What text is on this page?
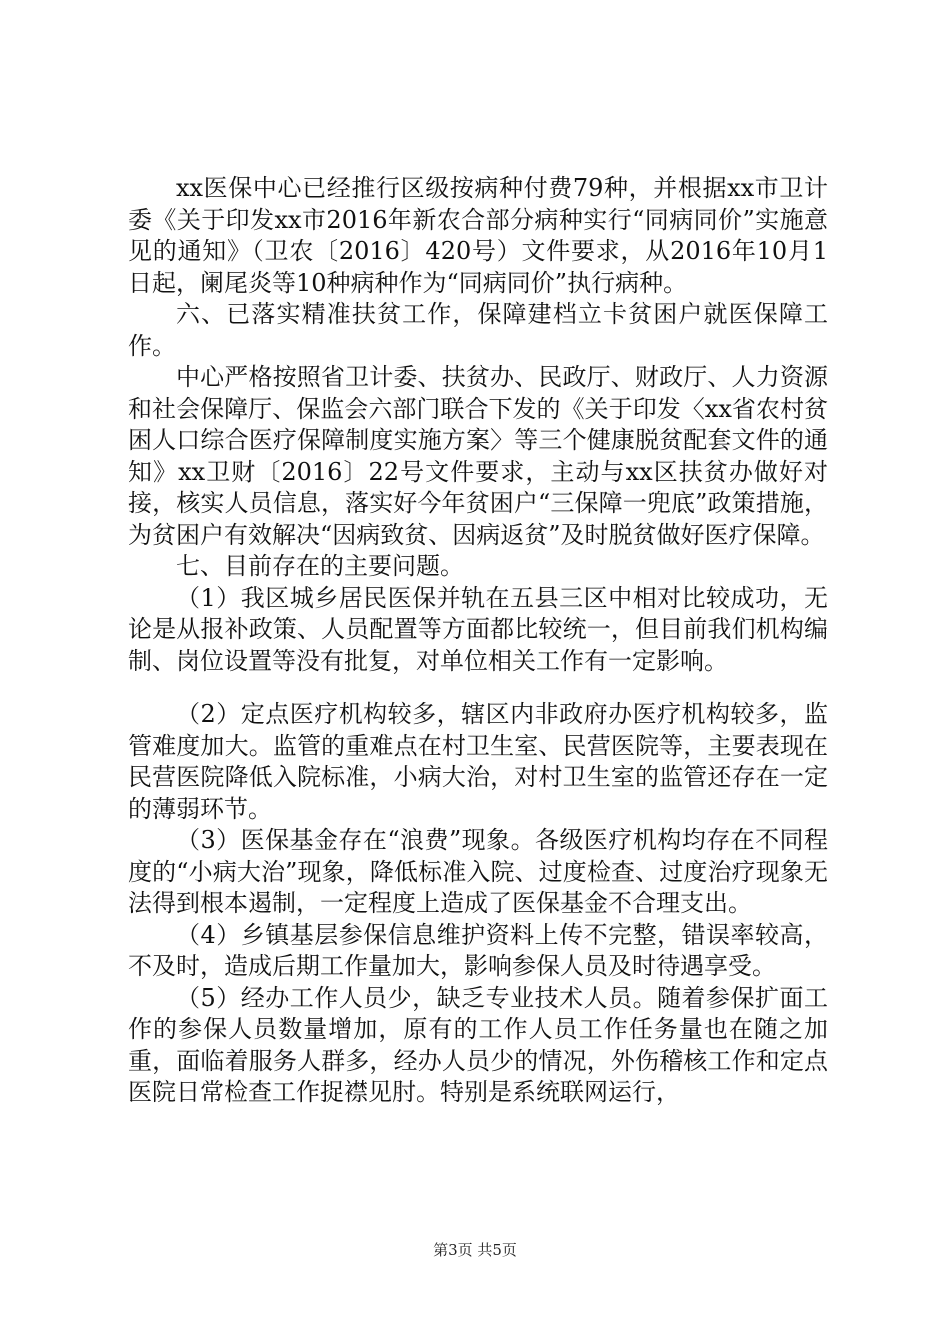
xx医保中心已经推行区级按病种付费79种，并根据xx市卫计委《关于印发xx市2016年新农合部分病种实行“同病同价”实施意见的通知》（卫农〔2016〕420号）文件要求，从2016年10月1日起，阑尾炎等10种病种作为“同病同价”执行病种。

六、已落实精准扶贫工作，保障建档立卡贫困户就医保障工作。

中心严格按照省卫计委、扶贫办、民政厅、财政厅、人力资源和社会保障厅、保监会六部门联合下发的《关于印发〈xx省农村贫困人口综合医疗保障制度实施方案〉等三个健康脱贫配套文件的通知》xx卫财〔2016〕22号文件要求，主动与xx区扶贫办做好对接，核实人员信息，落实好今年贫困户“三保障一兜底”政策措施，为贫困户有效解决“因病致贫、因病返贫”及时脱贫做好医疗保障。

七、目前存在的主要问题。

（1）我区城乡居民医保并轨在五县三区中相对比较成功，无论是从报补政策、人员配置等方面都比较统一，但目前我们机构编制、岗位设置等没有批复，对单位相关工作有一定影响。

（2）定点医疗机构较多，辖区内非政府办医疗机构较多，监管难度加大。监管的重难点在村卫生室、民营医院等，主要表现在民营医院降低入院标准，小病大治，对村卫生室的监管还存在一定的薄弱环节。

（3）医保基金存在“浪费”现象。各级医疗机构均存在不同程度的“小病大治”现象，降低标准入院、过度检查、过度治疗现象无法得到根本遏制，一定程度上造成了医保基金不合理支出。

（4）乡镇基层参保信息维护资料上传不完整，错误率较高，不及时，造成后期工作量加大，影响参保人员及时待遇享受。

（5）经办工作人员少，缺乏专业技术人员。随着参保扩面工作的参保人员数量增加，原有的工作人员工作任务量也在随之加重，面临着服务人群多，经办人员少的情况，外伤稽核工作和定点医院日常检查工作捉襟见肘。特别是系统联网运行，

第3页 共5页
